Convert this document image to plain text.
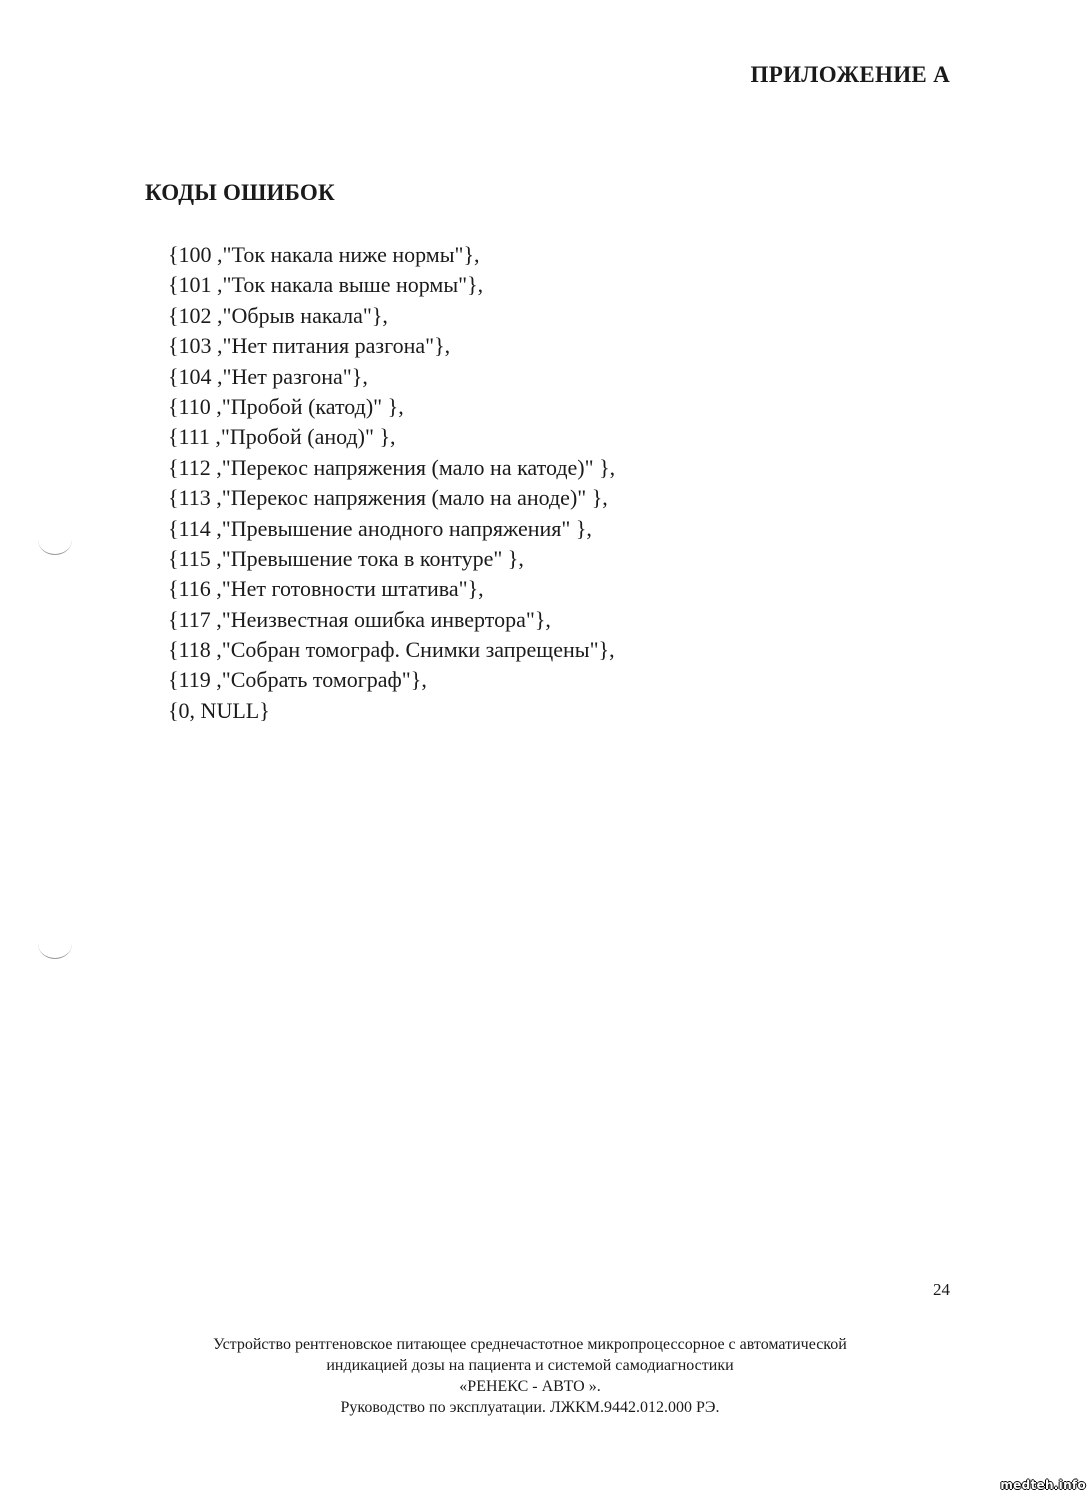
ПРИЛОЖЕНИЕ А
КОДЫ ОШИБОК
{100 ,"Ток накала ниже нормы"},
{101 ,"Ток накала выше нормы"},
{102 ,"Обрыв накала"},
{103 ,"Нет питания разгона"},
{104 ,"Нет разгона"},
{110 ,"Пробой (катод)" },
{111 ,"Пробой (анод)" },
{112 ,"Перекос напряжения (мало на катоде)" },
{113 ,"Перекос напряжения (мало на аноде)" },
{114 ,"Превышение анодного напряжения" },
{115 ,"Превышение тока в контуре" },
{116 ,"Нет готовности штатива"},
{117 ,"Неизвестная ошибка инвертора"},
{118 ,"Собран томограф. Снимки запрещены"},
{119 ,"Собрать томограф"},
{0, NULL}
24
Устройство рентгеновское питающее среднечастотное микропроцессорное с автоматической
индикацией дозы на пациента и системой самодиагностики
«РЕНЕКС - АВТО ».
Руководство по эксплуатации. ЛЖКМ.9442.012.000 РЭ.
medteh.info
